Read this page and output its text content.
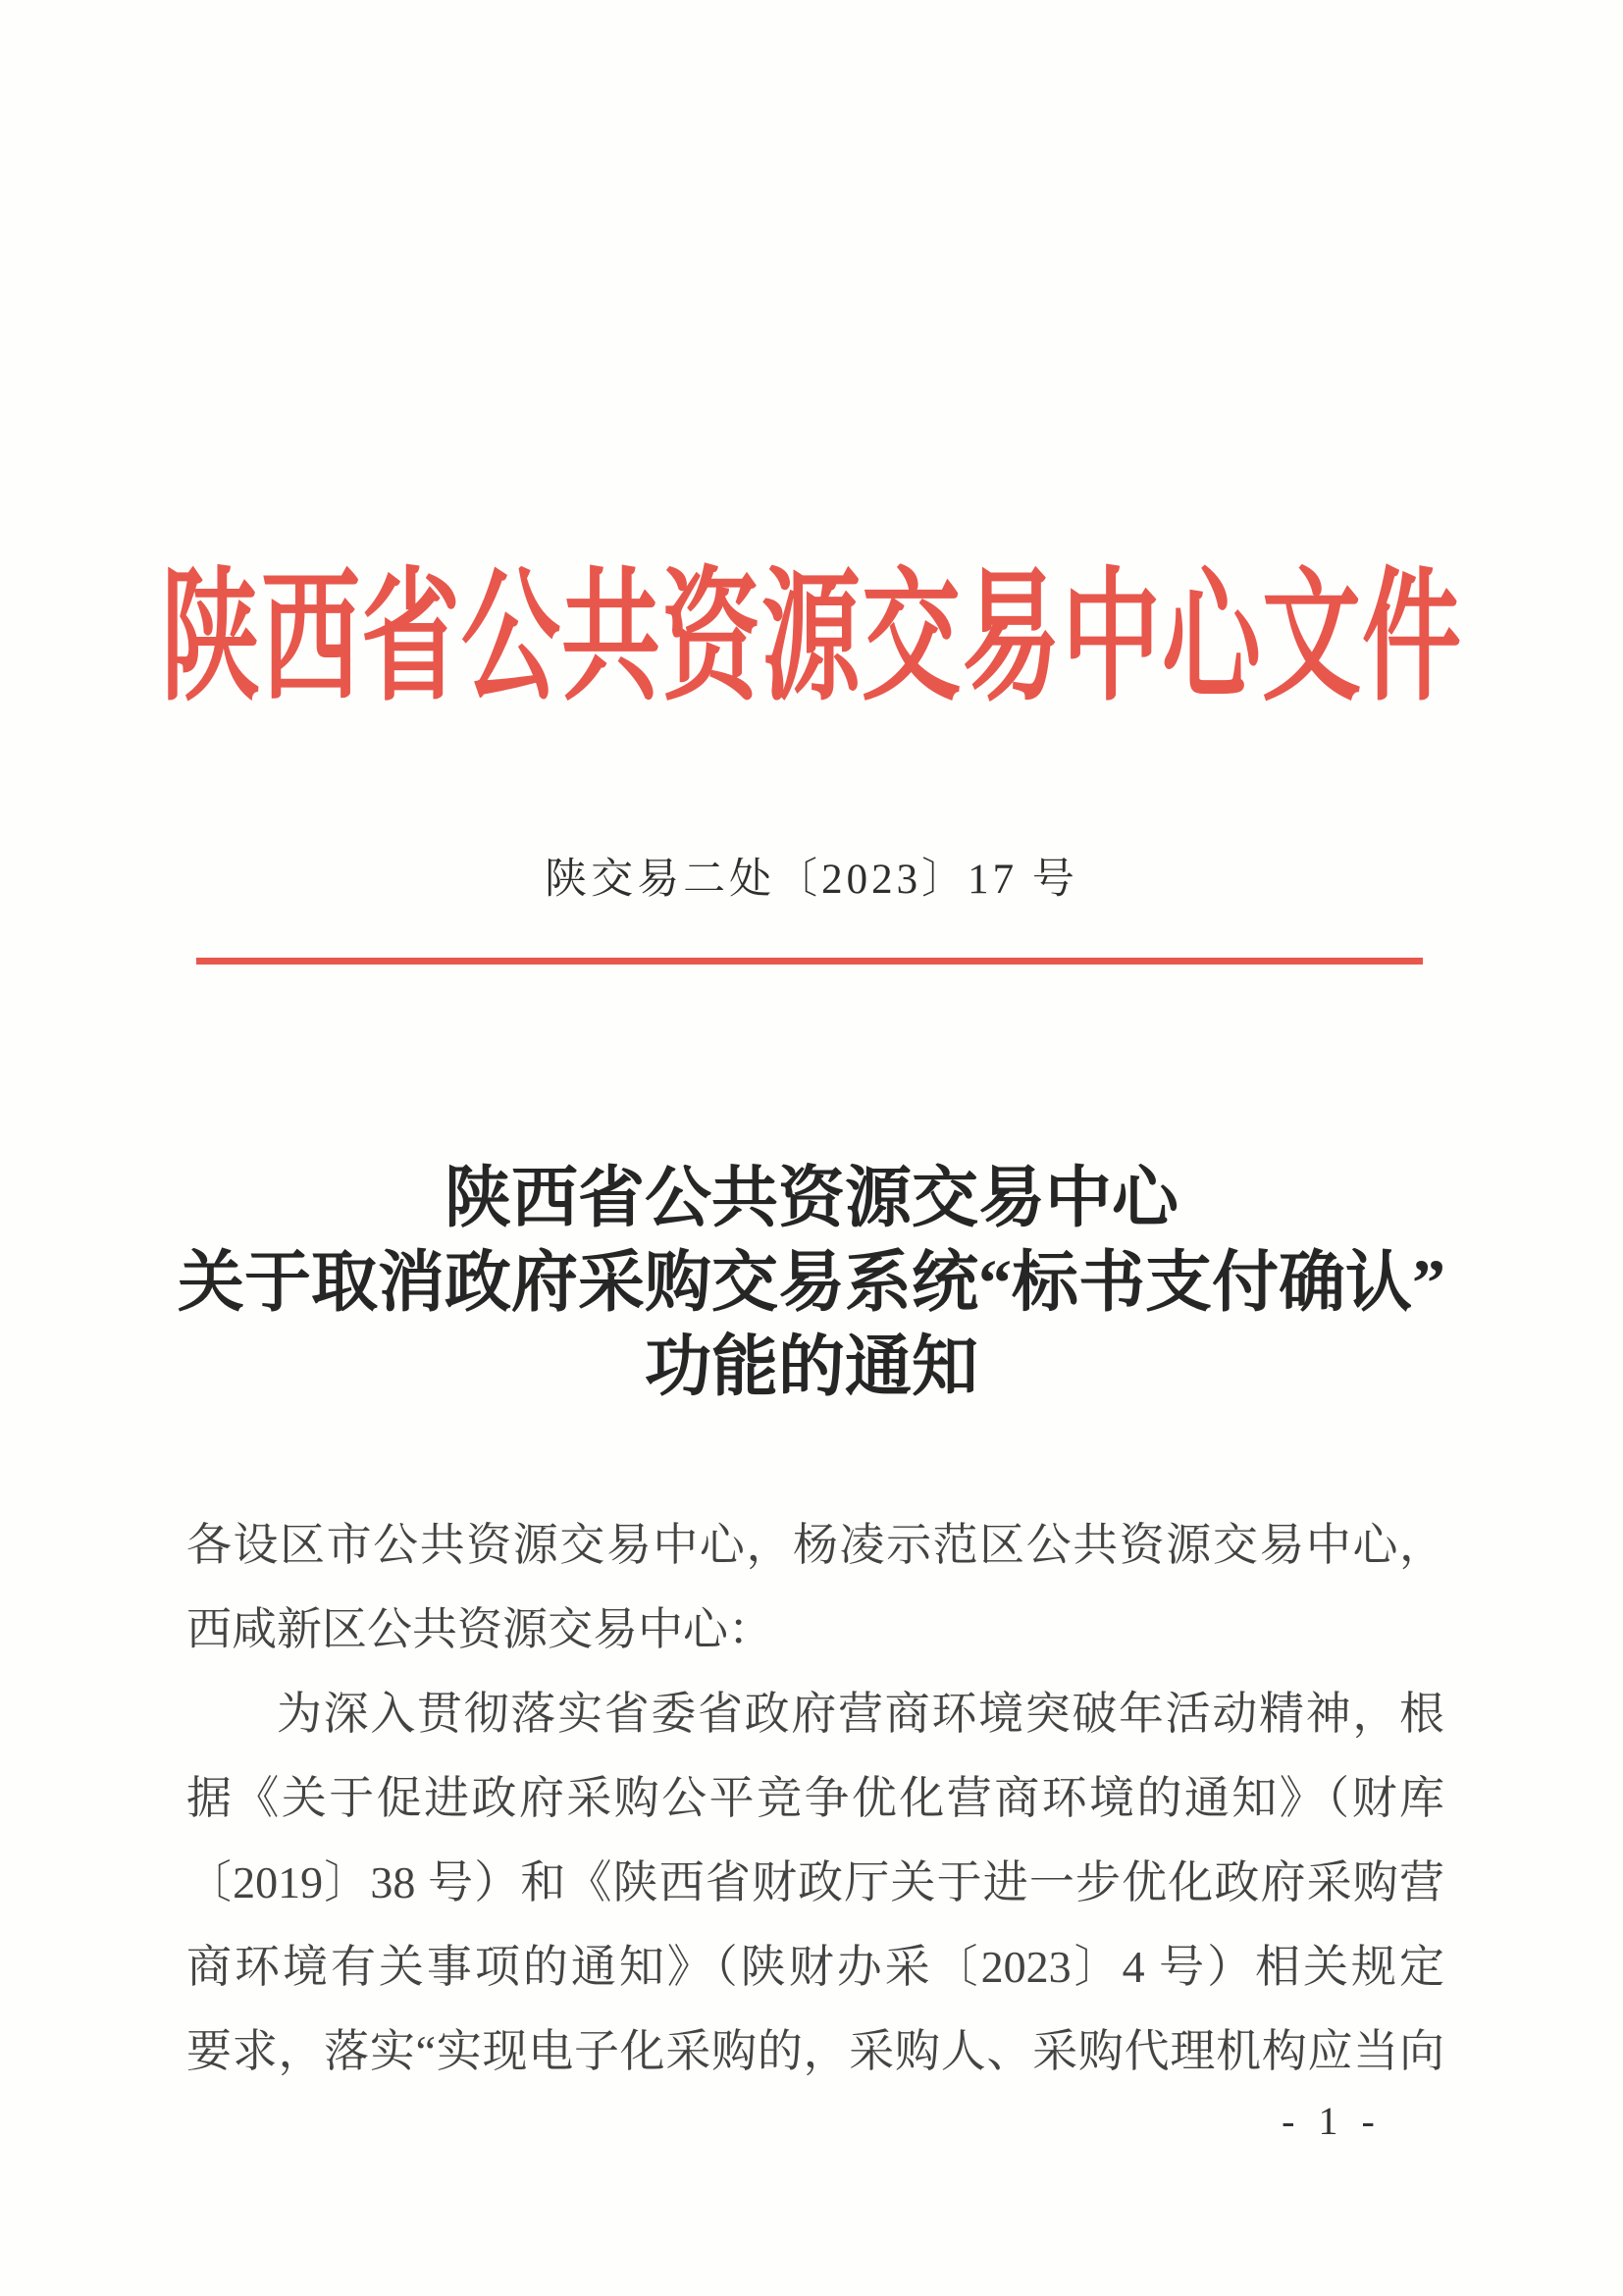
陕西省公共资源交易中心文件
陕交易二处〔2023〕17 号
陕西省公共资源交易中心
关于取消政府采购交易系统“标书支付确认”
功能的通知
各设区市公共资源交易中心，杨凌示范区公共资源交易中心，
西咸新区公共资源交易中心：
为深入贯彻落实省委省政府营商环境突破年活动精神，根
据《关于促进政府采购公平竞争优化营商环境的通知》（财库
〔2019〕38 号）和《陕西省财政厅关于进一步优化政府采购营
商环境有关事项的通知》（陕财办采〔2023〕4 号）相关规定
要求，落实“实现电子化采购的，采购人、采购代理机构应当向
- 1 -
